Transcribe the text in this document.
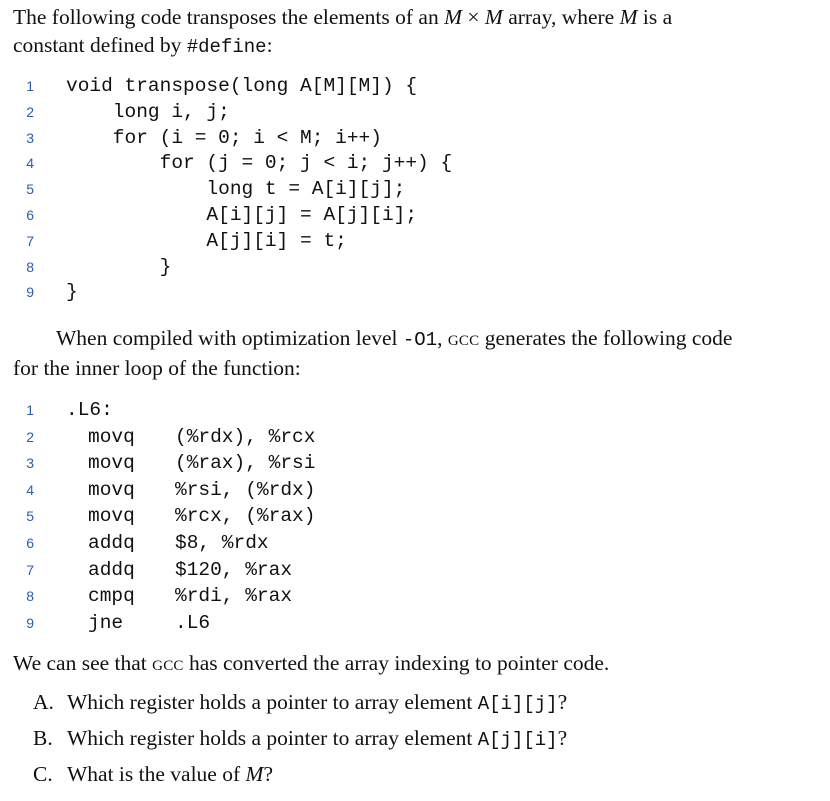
The following code transposes the elements of an M × M array, where M is a
constant defined by #define:
1 void transpose(long A[M][M]) {
2 long i, j;
3 for (i = 0; i < M; i++)
4 for (j = 0; j < i; j++) {
5 long t = A[i][j];
6 A[i][j] = A[j][i];
7 A[j][i] = t;
8 }
9 }
When compiled with optimization level -O1, gcc generates the following code
for the inner loop of the function:
1 .L6:
2	movq (%rdx), %rcx
3	movq (%rax), %rsi
4	movq %rsi, (%rdx)
5	movq %rcx, (%rax)
6	addq $8, %rdx
7	addq $120, %rax
8	cmpq %rdi, %rax
9	jne	.L6
We can see that gcc has converted the array indexing to pointer code.
A. Which register holds a pointer to array element A[i][j]?
B. Which register holds a pointer to array element A[j][i]?
C. What is the value of M?
